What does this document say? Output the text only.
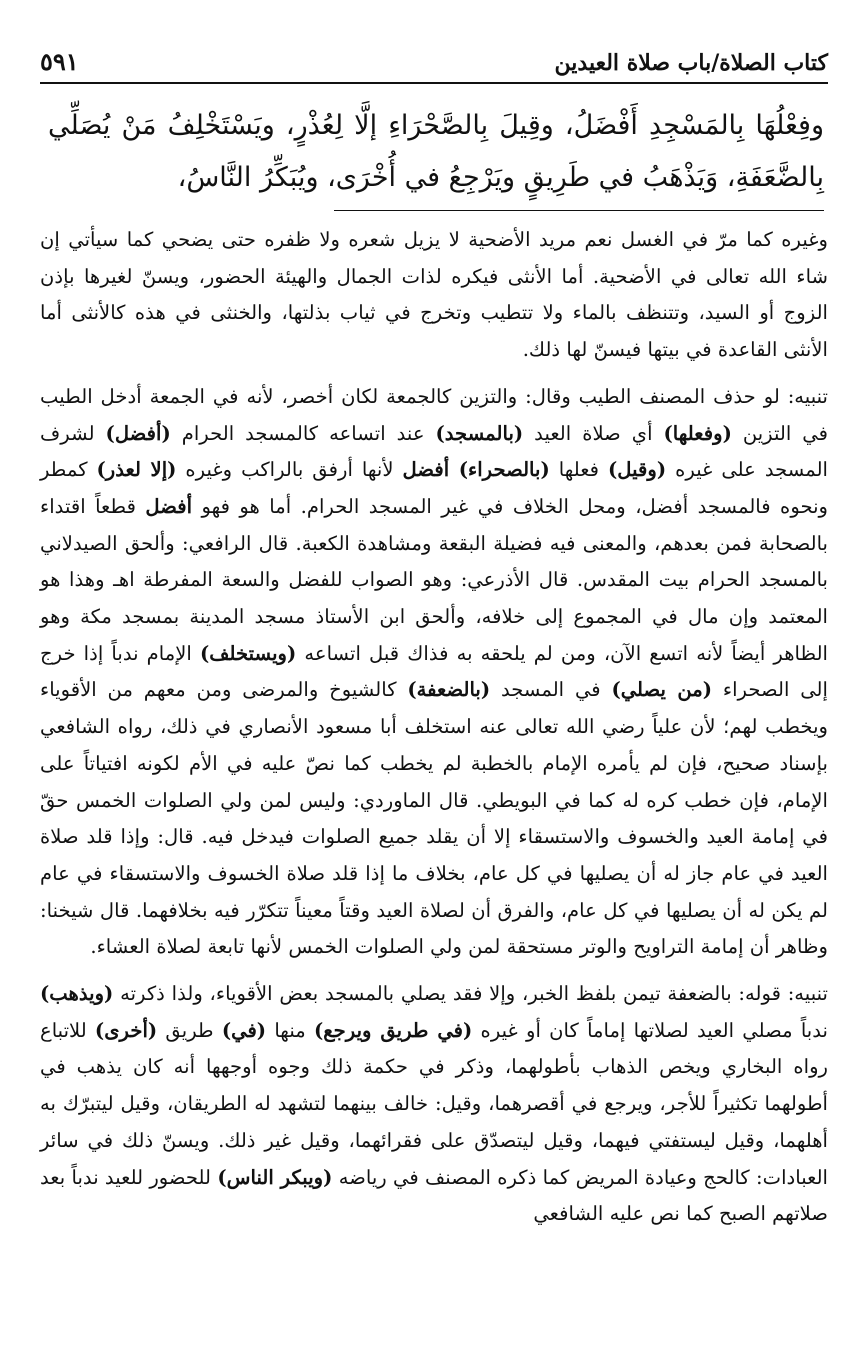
كتاب الصلاة/باب صلاة العيدين
٥٩١
وفِعْلُهَا بِالمَسْجِدِ أَفْضَلُ، وقِيلَ بِالصَّحْرَاءِ إلَّا لِعُذْرٍ، ويَسْتَخْلِفُ مَنْ يُصَلِّي بِالضَّعَفَةِ، وَيَذْهَبُ في طَرِيقٍ ويَرْجِعُ في أُخْرَى، ويُبَكِّرُ النَّاسُ،

وغيره كما مرّ في الغسل نعم مريد الأضحية لا يزيل شعره ولا ظفره حتى يضحي كما سيأتي إن شاء الله تعالى في الأضحية. أما الأنثى فيكره لذات الجمال والهيئة الحضور، ويسنّ لغيرها بإذن الزوج أو السيد، وتتنظف بالماء ولا تتطيب وتخرج في ثياب بذلتها، والخنثى في هذه كالأنثى أما الأنثى القاعدة في بيتها فيسنّ لها ذلك.

تنبيه: لو حذف المصنف الطيب وقال: والتزين كالجمعة لكان أخصر، لأنه في الجمعة أدخل الطيب في التزين (وفعلها) أي صلاة العيد (بالمسجد) عند اتساعه كالمسجد الحرام (أفضل) لشرف المسجد على غيره (وقيل) فعلها (بالصحراء) أفضل لأنها أرفق بالراكب وغيره (إلا لعذر) كمطر ونحوه فالمسجد أفضل، ومحل الخلاف في غير المسجد الحرام. أما هو فهو أفضل قطعاً اقتداء بالصحابة فمن بعدهم، والمعنى فيه فضيلة البقعة ومشاهدة الكعبة. قال الرافعي: وألحق الصيدلاني بالمسجد الحرام بيت المقدس. قال الأذرعي: وهو الصواب للفضل والسعة المفرطة اهـ وهذا هو المعتمد وإن مال في المجموع إلى خلافه، وألحق ابن الأستاذ مسجد المدينة بمسجد مكة وهو الظاهر أيضاً لأنه اتسع الآن، ومن لم يلحقه به فذاك قبل اتساعه (ويستخلف) الإمام ندباً إذا خرج إلى الصحراء (من يصلي) في المسجد (بالضعفة) كالشيوخ والمرضى ومن معهم من الأقوياء ويخطب لهم؛ لأن علياً رضي الله تعالى عنه استخلف أبا مسعود الأنصاري في ذلك، رواه الشافعي بإسناد صحيح، فإن لم يأمره الإمام بالخطبة لم يخطب كما نصّ عليه في الأم لكونه افتياتاً على الإمام، فإن خطب كره له كما في البويطي. قال الماوردي: وليس لمن ولي الصلوات الخمس حقّ في إمامة العيد والخسوف والاستسقاء إلا أن يقلد جميع الصلوات فيدخل فيه. قال: وإذا قلد صلاة العيد في عام جاز له أن يصليها في كل عام، بخلاف ما إذا قلد صلاة الخسوف والاستسقاء في عام لم يكن له أن يصليها في كل عام، والفرق أن لصلاة العيد وقتاً معيناً تتكرّر فيه بخلافهما. قال شيخنا: وظاهر أن إمامة التراويح والوتر مستحقة لمن ولي الصلوات الخمس لأنها تابعة لصلاة العشاء.

تنبيه: قوله: بالضعفة تيمن بلفظ الخبر، وإلا فقد يصلي بالمسجد بعض الأقوياء، ولذا ذكرته (ويذهب) ندباً مصلي العيد لصلاتها إماماً كان أو غيره (في طريق ويرجع) منها (في) طريق (أخرى) للاتباع رواه البخاري ويخص الذهاب بأطولهما، وذكر في حكمة ذلك وجوه أوجهها أنه كان يذهب في أطولهما تكثيراً للأجر، ويرجع في أقصرهما، وقيل: خالف بينهما لتشهد له الطريقان، وقيل ليتبرّك به أهلهما، وقيل ليستفتي فيهما، وقيل ليتصدّق على فقرائهما، وقيل غير ذلك. ويسنّ ذلك في سائر العبادات: كالحج وعيادة المريض كما ذكره المصنف في رياضه (ويبكر الناس) للحضور للعيد ندباً بعد صلاتهم الصبح كما نص عليه الشافعي
